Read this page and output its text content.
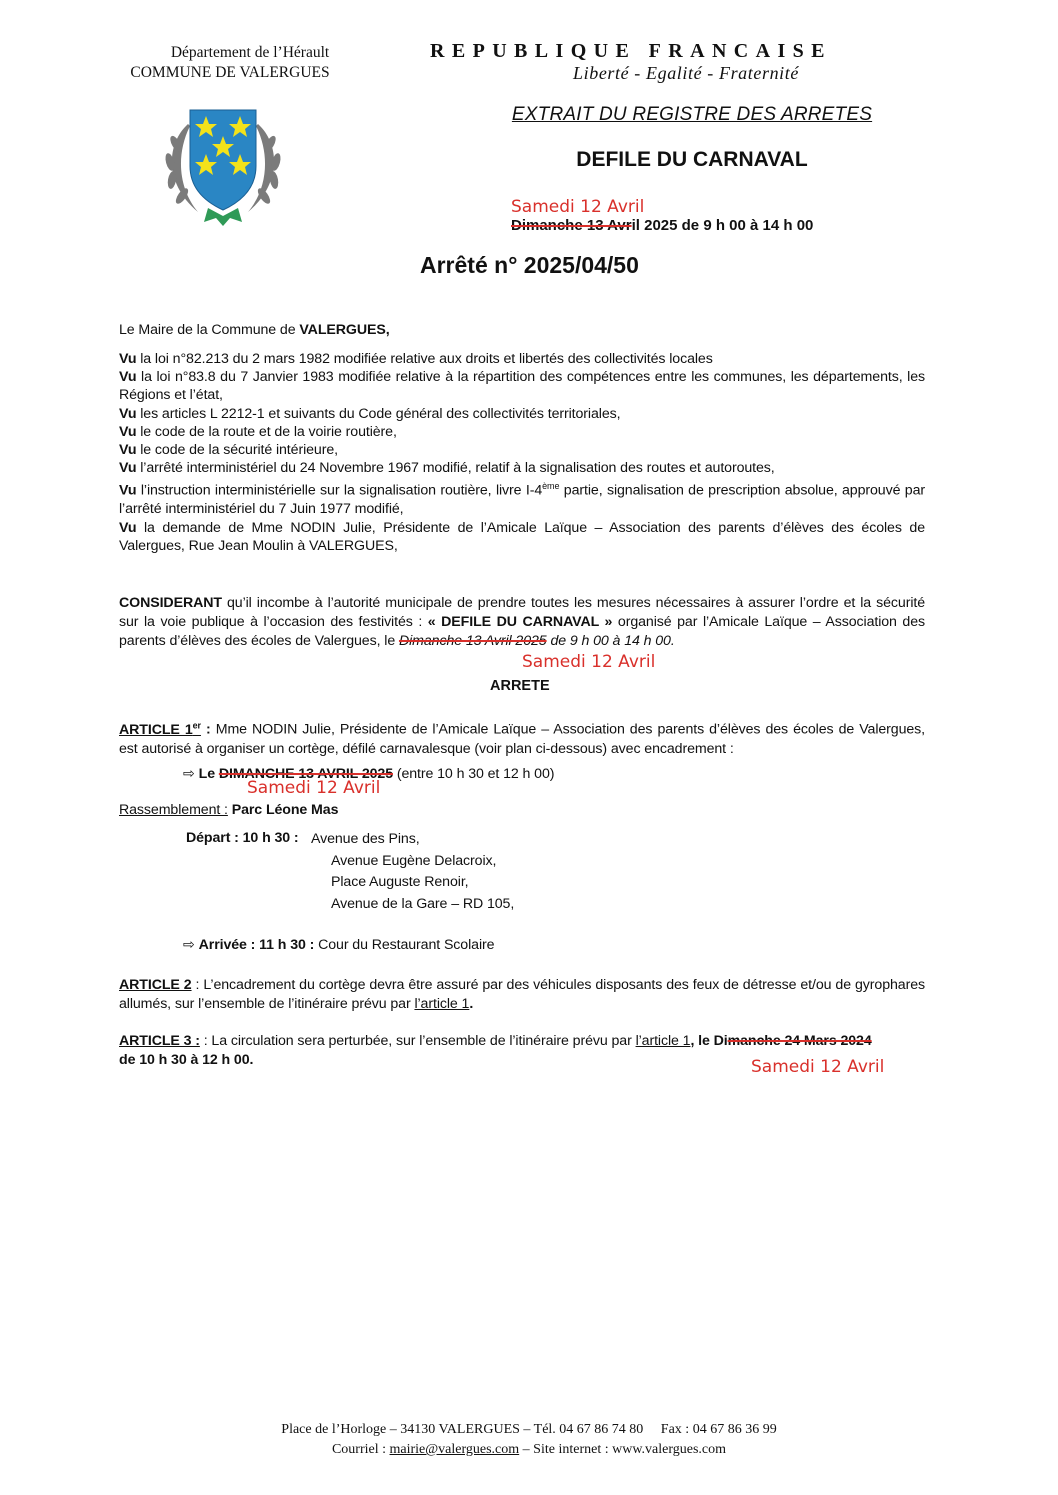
Département de l’Hérault
COMMUNE DE VALERGUES
REPUBLIQUE FRANCAISE
Liberté - Egalité - Fraternité
EXTRAIT DU REGISTRE DES ARRETES
DEFILE DU CARNAVAL
Samedi 12 Avril
Dimanche 13 Avril 2025 de 9 h 00 à 14 h 00
Arrêté n° 2025/04/50
Le Maire de la Commune de VALERGUES,
Vu la loi n°82.213 du 2 mars 1982 modifiée relative aux droits et libertés des collectivités locales
Vu la loi n°83.8 du 7 Janvier 1983 modifiée relative à la répartition des compétences entre les communes, les départements, les Régions et l’état,
Vu les articles L 2212-1 et suivants du Code général des collectivités territoriales,
Vu le code de la route et de la voirie routière,
Vu le code de la sécurité intérieure,
Vu l’arrêté interministériel du 24 Novembre 1967 modifié, relatif à la signalisation des routes et autoroutes,
Vu l’instruction interministérielle sur la signalisation routière, livre I-4ème partie, signalisation de prescription absolue, approuvé par l’arrêté interministériel du 7 Juin 1977 modifié,
Vu la demande de Mme NODIN Julie, Présidente de l’Amicale Laïque – Association des parents d’élèves des écoles de Valergues, Rue Jean Moulin à VALERGUES,
CONSIDERANT qu’il incombe à l’autorité municipale de prendre toutes les mesures nécessaires à assurer l’ordre et la sécurité sur la voie publique à l’occasion des festivités : « DEFILE DU CARNAVAL » organisé par l’Amicale Laïque – Association des parents d’élèves des écoles de Valergues, le Dimanche 13 Avril 2025 de 9 h 00 à 14 h 00.
Samedi 12 Avril
ARRETE
ARTICLE 1er : Mme NODIN Julie, Présidente de l’Amicale Laïque – Association des parents d’élèves des écoles de Valergues, est autorisé à organiser un cortège, défilé carnavalesque (voir plan ci-dessous) avec encadrement :
⇨ Le DIMANCHE 13 AVRIL 2025 (entre 10 h 30 et 12 h 00)
Samedi 12 Avril
Rassemblement : Parc Léone Mas
Départ : 10 h 30 : Avenue des Pins,
Avenue Eugène Delacroix,
Place Auguste Renoir,
Avenue de la Gare – RD 105,
⇨ Arrivée : 11 h 30 : Cour du Restaurant Scolaire
ARTICLE 2 : L’encadrement du cortège devra être assuré par des véhicules disposants des feux de détresse et/ou de gyrophares allumés, sur l’ensemble de l’itinéraire prévu par l’article 1.
ARTICLE 3 : : La circulation sera perturbée, sur l’ensemble de l’itinéraire prévu par l’article 1, le Dimanche 24 Mars 2024
de 10 h 30 à 12 h 00.	Samedi 12 Avril
Place de l’Horloge – 34130 VALERGUES – Tél. 04 67 86 74 80     Fax : 04 67 86 36 99
Courriel : mairie@valergues.com – Site internet : www.valergues.com
